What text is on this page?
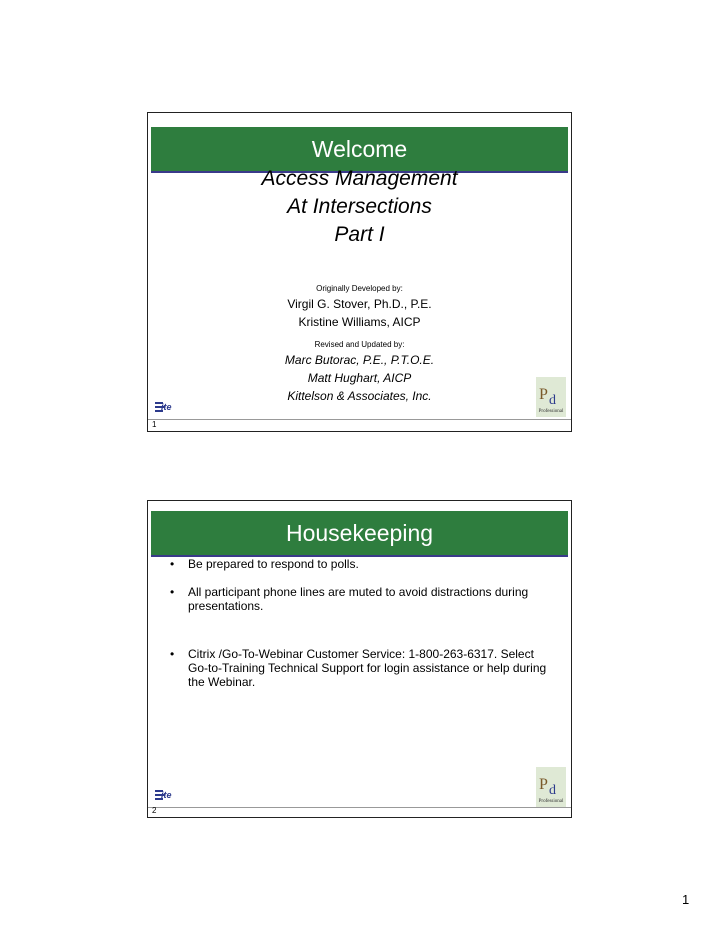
Welcome
Access Management
At Intersections
Part I
Originally Developed by:
Virgil G. Stover, Ph.D., P.E.
Kristine Williams, AICP
Revised and Updated by:
Marc Butorac, P.E., P.T.O.E.
Matt Hughart, AICP
Kittelson & Associates, Inc.
ite
P d
Professional
1
Housekeeping
• Be prepared to respond to polls.
• All participant phone lines are muted to avoid distractions during presentations.
• Citrix /Go-To-Webinar Customer Service: 1-800-263-6317. Select Go-to-Training Technical Support for login assistance or help during the Webinar.
ite
P d
Professional
2
1
